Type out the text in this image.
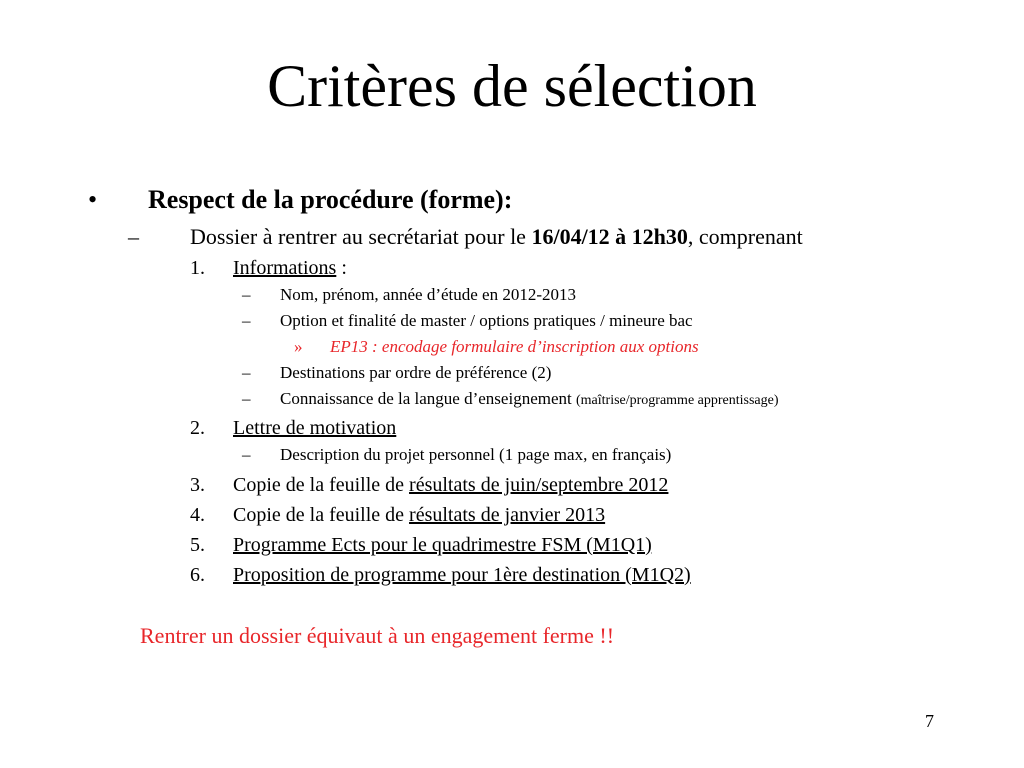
Critères de sélection
• Respect de la procédure (forme):
– Dossier à rentrer au secrétariat pour le 16/04/12 à 12h30, comprenant
1. Informations :
– Nom, prénom, année d’étude en 2012-2013
– Option et finalité de master / options pratiques / mineure bac
» EP13 : encodage formulaire d’inscription aux options
– Destinations par ordre de préférence (2)
– Connaissance de la langue d’enseignement (maîtrise/programme apprentissage)
2. Lettre de motivation
– Description du projet personnel (1 page max, en français)
3. Copie de la feuille de résultats de juin/septembre 2012
4. Copie de la feuille de résultats de janvier 2013
5. Programme Ects pour le quadrimestre FSM (M1Q1)
6. Proposition de programme pour 1ère destination (M1Q2)
Rentrer un dossier équivaut à un engagement ferme !!
7
